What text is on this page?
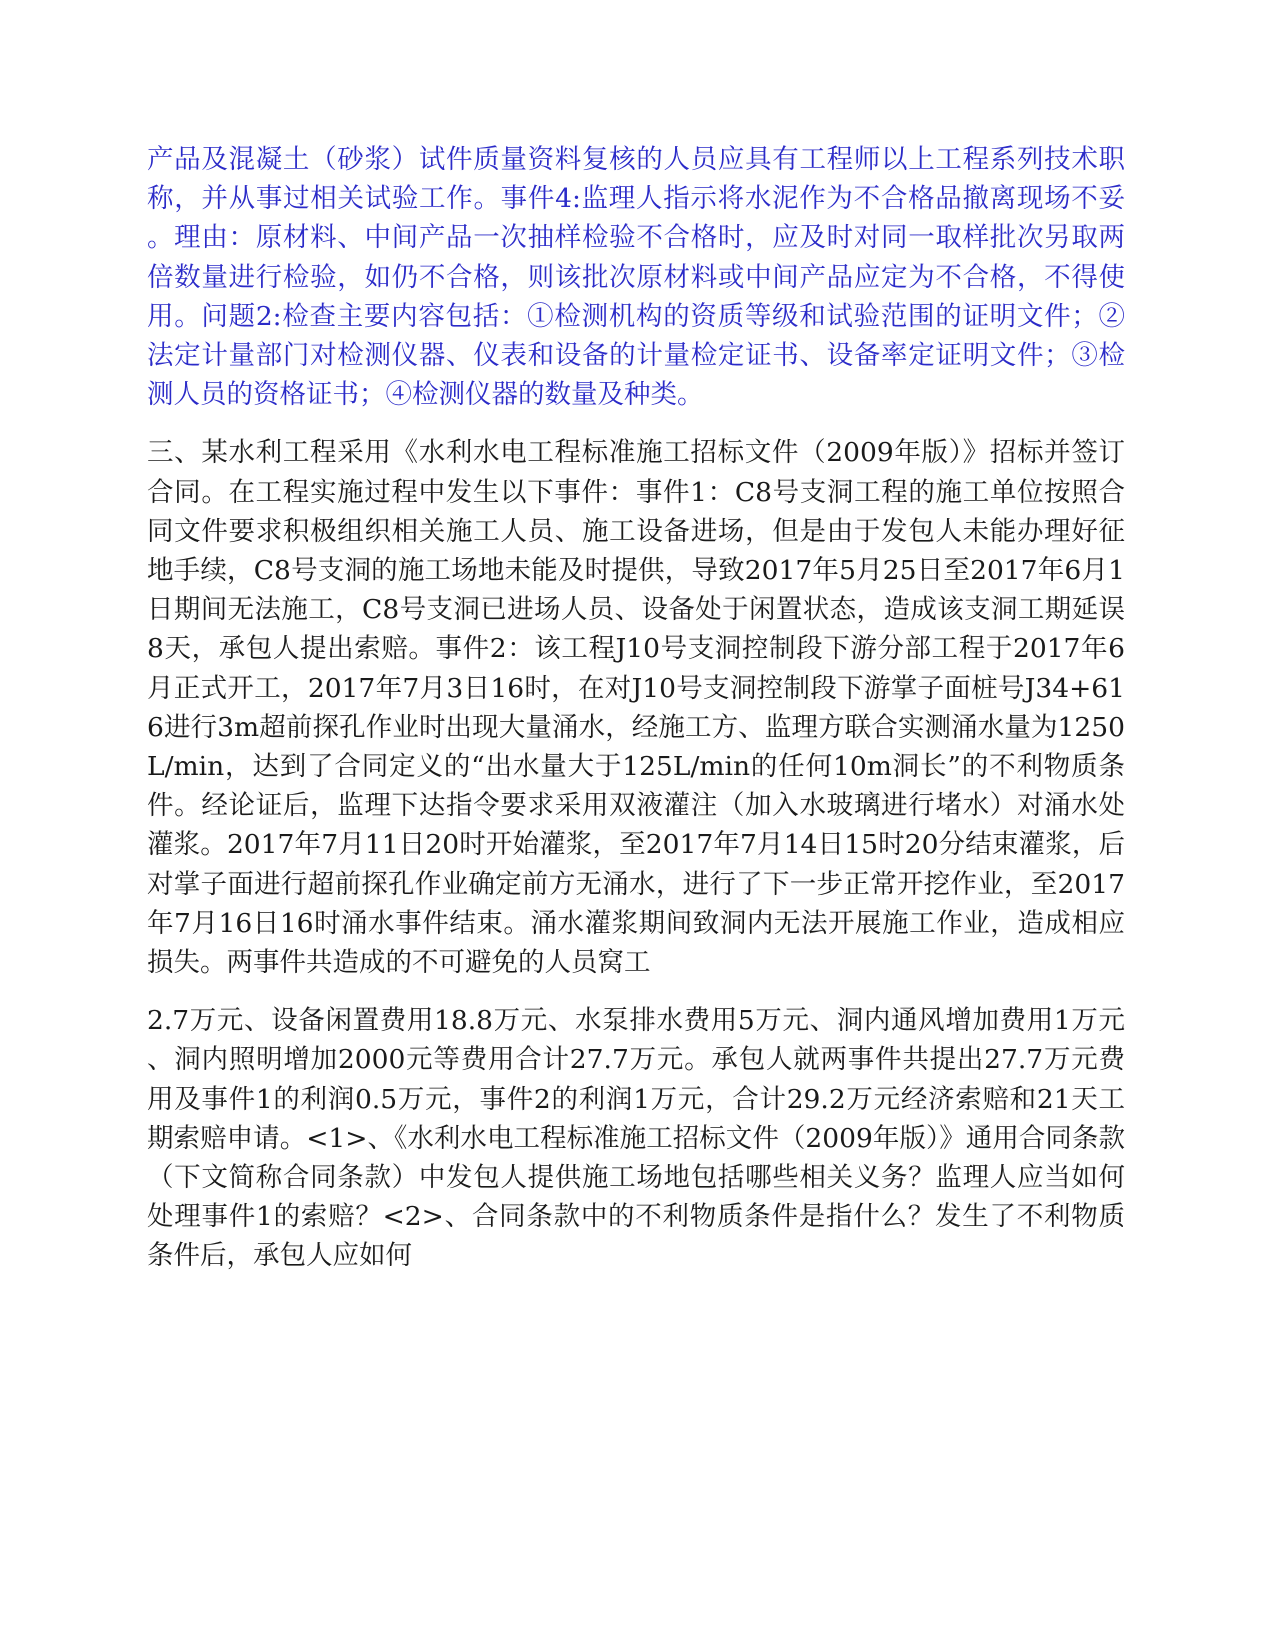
产品及混凝土（砂浆）试件质量资料复核的人员应具有工程师以上工程系列技术职称，并从事过相关试验工作。事件4:监理人指示将水泥作为不合格品撤离现场不妥。理由：原材料、中间产品一次抽样检验不合格时，应及时对同一取样批次另取两倍数量进行检验，如仍不合格，则该批次原材料或中间产品应定为不合格，不得使用。问题2:检查主要内容包括：①检测机构的资质等级和试验范围的证明文件；②法定计量部门对检测仪器、仪表和设备的计量检定证书、设备率定证明文件；③检测人员的资格证书；④检测仪器的数量及种类。

三、某水利工程采用《水利水电工程标准施工招标文件（2009年版）》招标并签订合同。在工程实施过程中发生以下事件：事件1：C8号支洞工程的施工单位按照合同文件要求积极组织相关施工人员、施工设备进场，但是由于发包人未能办理好征地手续，C8号支洞的施工场地未能及时提供，导致2017年5月25日至2017年6月1日期间无法施工，C8号支洞已进场人员、设备处于闲置状态，造成该支洞工期延误8天，承包人提出索赔。事件2：该工程J10号支洞控制段下游分部工程于2017年6月正式开工，2017年7月3日16时，在对J10号支洞控制段下游掌子面桩号J34+616进行3m超前探孔作业时出现大量涌水，经施工方、监理方联合实测涌水量为1250L/min，达到了合同定义的“出水量大于125L/min的任何10m洞长”的不利物质条件。经论证后，监理下达指令要求采用双液灌注（加入水玻璃进行堵水）对涌水处灌浆。2017年7月11日20时开始灌浆，至2017年7月14日15时20分结束灌浆，后对掌子面进行超前探孔作业确定前方无涌水，进行了下一步正常开挖作业，至2017年7月16日16时涌水事件结束。涌水灌浆期间致洞内无法开展施工作业，造成相应损失。两事件共造成的不可避免的人员窝工

2.7万元、设备闲置费用18.8万元、水泵排水费用5万元、洞内通风增加费用1万元、洞内照明增加2000元等费用合计27.7万元。承包人就两事件共提出27.7万元费用及事件1的利润0.5万元，事件2的利润1万元，合计29.2万元经济索赔和21天工期索赔申请。<1>、《水利水电工程标准施工招标文件（2009年版）》通用合同条款（下文简称合同条款）中发包人提供施工场地包括哪些相关义务？监理人应当如何处理事件1的索赔？<2>、合同条款中的不利物质条件是指什么？发生了不利物质条件后，承包人应如何
